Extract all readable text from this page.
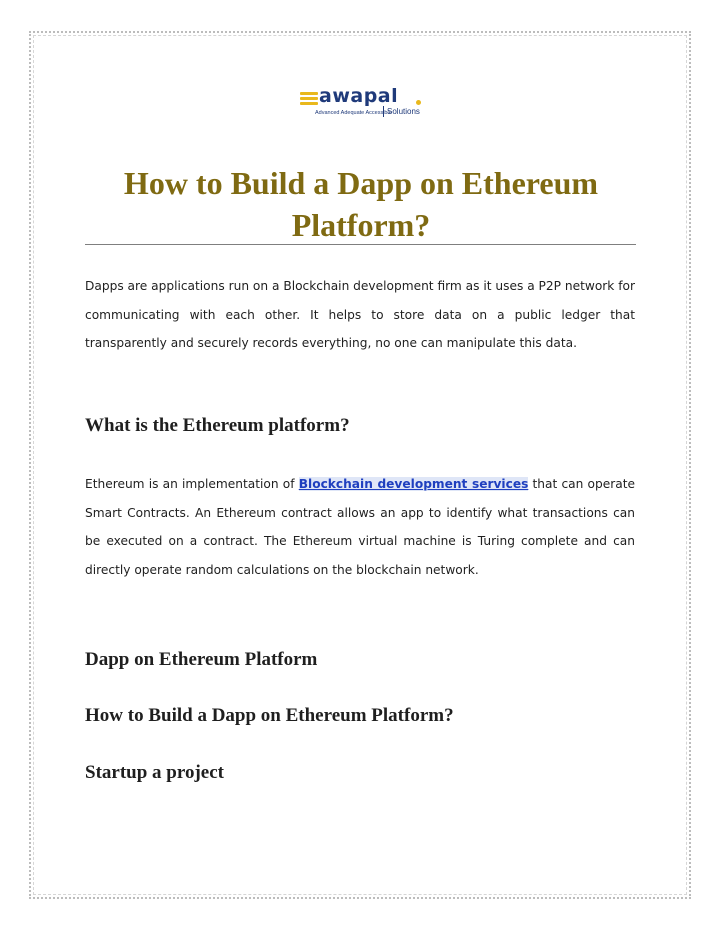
awapal
Advanced Adequate Accessible
Solutions
How to Build a Dapp on Ethereum Platform?

Dapps are applications run on a Blockchain development firm as it uses a P2P network for communicating with each other. It helps to store data on a public ledger that transparently and securely records everything, no one can manipulate this data.

What is the Ethereum platform?

Ethereum is an implementation of Blockchain development services that can operate Smart Contracts. An Ethereum contract allows an app to identify what transactions can be executed on a contract. The Ethereum virtual machine is Turing complete and can directly operate random calculations on the blockchain network.

Dapp on Ethereum Platform
How to Build a Dapp on Ethereum Platform?
Startup a project
